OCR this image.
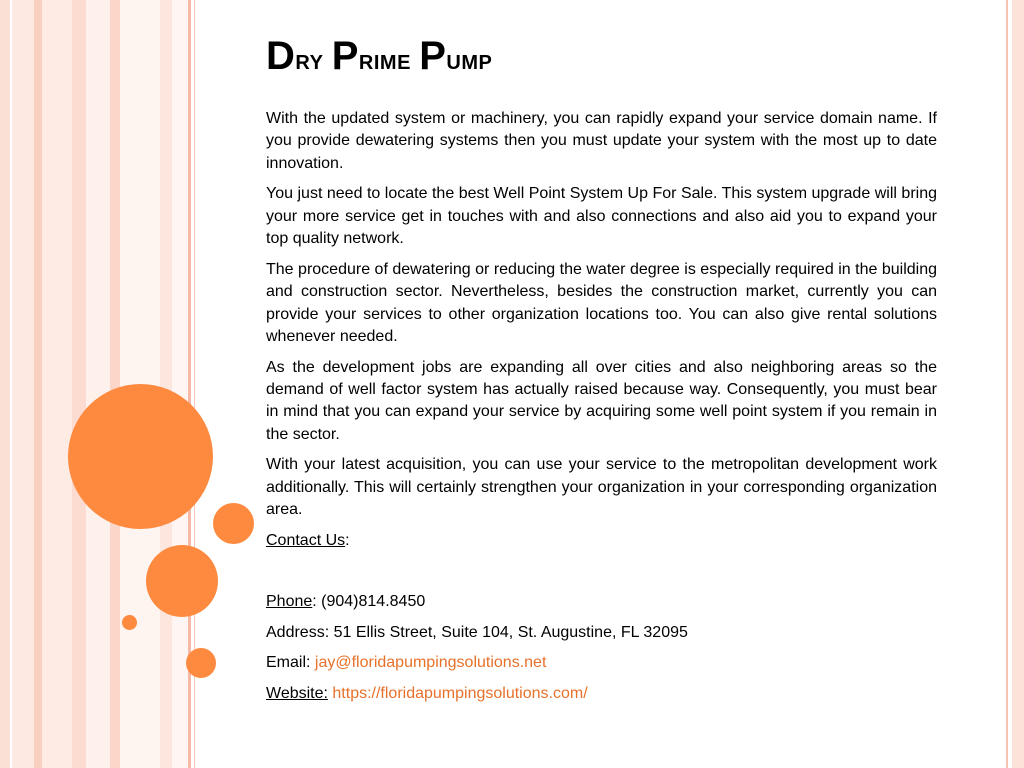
Dry Prime Pump

With the updated system or machinery, you can rapidly expand your service domain name. If you provide dewatering systems then you must update your system with the most up to date innovation.

You just need to locate the best Well Point System Up For Sale. This system upgrade will bring your more service get in touches with and also connections and also aid you to expand your top quality network.

The procedure of dewatering or reducing the water degree is especially required in the building and construction sector. Nevertheless, besides the construction market, currently you can provide your services to other organization locations too. You can also give rental solutions whenever needed.

As the development jobs are expanding all over cities and also neighboring areas so the demand of well factor system has actually raised because way. Consequently, you must bear in mind that you can expand your service by acquiring some well point system if you remain in the sector.

With your latest acquisition, you can use your service to the metropolitan development work additionally. This will certainly strengthen your organization in your corresponding organization area.

Contact Us:

Phone: (904)814.8450

Address: 51 Ellis Street, Suite 104, St. Augustine, FL 32095

Email: jay@floridapumpingsolutions.net

Website: https://floridapumpingsolutions.com/
